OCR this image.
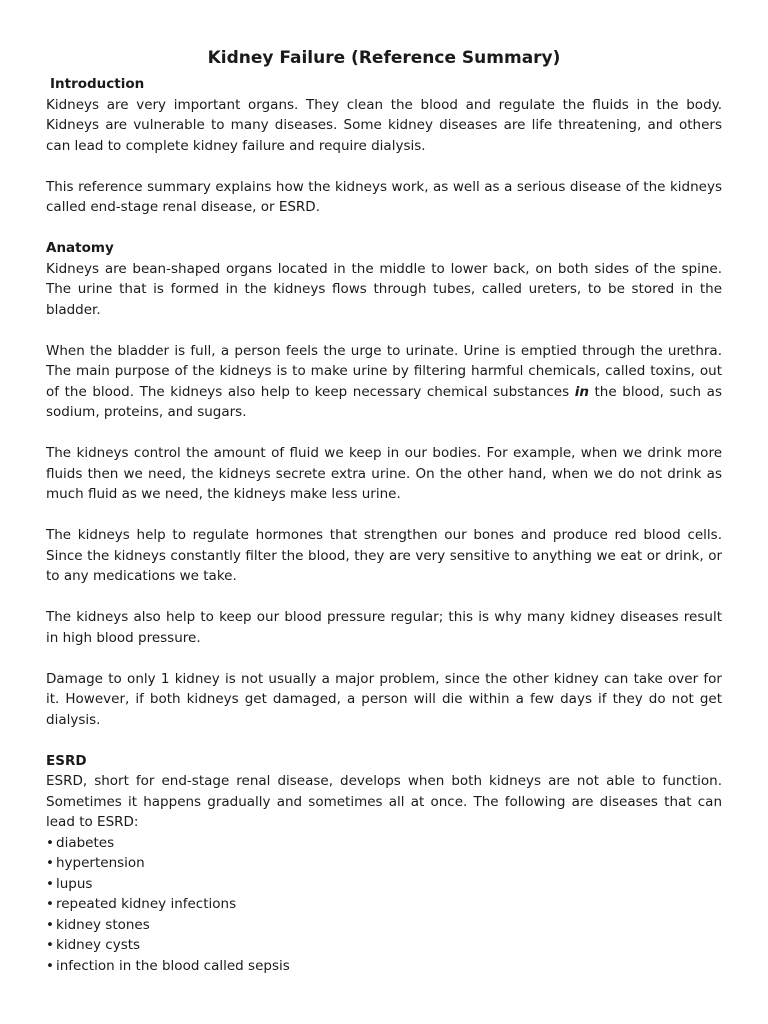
Kidney Failure (Reference Summary)
Introduction

Kidneys are very important organs. They clean the blood and regulate the fluids in the body. Kidneys are vulnerable to many diseases. Some kidney diseases are life threatening, and others can lead to complete kidney failure and require dialysis.

This reference summary explains how the kidneys work, as well as a serious disease of the kidneys called end-stage renal disease, or ESRD.

Anatomy

Kidneys are bean-shaped organs located in the middle to lower back, on both sides of the spine. The urine that is formed in the kidneys flows through tubes, called ureters, to be stored in the bladder.

When the bladder is full, a person feels the urge to urinate. Urine is emptied through the urethra. The main purpose of the kidneys is to make urine by filtering harmful chemicals, called toxins, out of the blood. The kidneys also help to keep necessary chemical substances in the blood, such as sodium, proteins, and sugars.

The kidneys control the amount of fluid we keep in our bodies. For example, when we drink more fluids then we need, the kidneys secrete extra urine. On the other hand, when we do not drink as much fluid as we need, the kidneys make less urine.

The kidneys help to regulate hormones that strengthen our bones and produce red blood cells. Since the kidneys constantly filter the blood, they are very sensitive to anything we eat or drink, or to any medications we take.

The kidneys also help to keep our blood pressure regular; this is why many kidney diseases result in high blood pressure.

Damage to only 1 kidney is not usually a major problem, since the other kidney can take over for it. However, if both kidneys get damaged, a person will die within a few days if they do not get dialysis.

ESRD

ESRD, short for end-stage renal disease, develops when both kidneys are not able to function. Sometimes it happens gradually and sometimes all at once. The following are diseases that can lead to ESRD:

• diabetes
• hypertension
• lupus
• repeated kidney infections
• kidney stones
• kidney cysts
• infection in the blood called sepsis
